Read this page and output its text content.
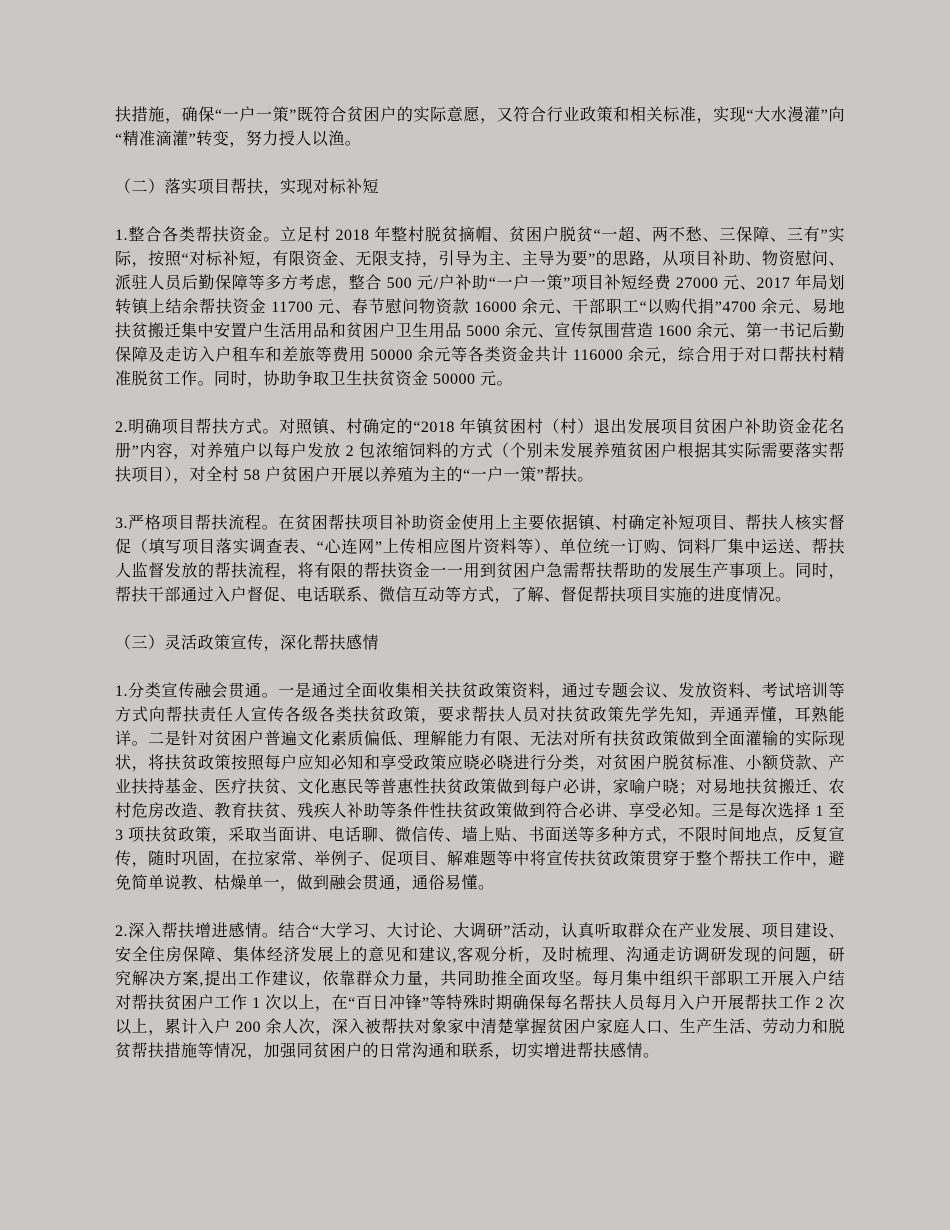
扶措施，确保“一户一策”既符合贫困户的实际意愿，又符合行业政策和相关标准，实现“大水漫灌”向“精准滴灌”转变，努力授人以渔。

（二）落实项目帮扶，实现对标补短

1.整合各类帮扶资金。立足村 2018 年整村脱贫摘帽、贫困户脱贫“一超、两不愁、三保障、三有”实际，按照“对标补短，有限资金、无限支持，引导为主、主导为要”的思路，从项目补助、物资慰问、派驻人员后勤保障等多方考虑，整合 500 元/户补助“一户一策”项目补短经费 27000 元、2017 年局划转镇上结余帮扶资金 11700 元、春节慰问物资款 16000 余元、干部职工“以购代捐”4700 余元、易地扶贫搬迁集中安置户生活用品和贫困户卫生用品 5000 余元、宣传氛围营造 1600 余元、第一书记后勤保障及走访入户租车和差旅等费用 50000 余元等各类资金共计 116000 余元，综合用于对口帮扶村精准脱贫工作。同时，协助争取卫生扶贫资金 50000 元。

2.明确项目帮扶方式。对照镇、村确定的“2018 年镇贫困村（村）退出发展项目贫困户补助资金花名册”内容，对养殖户以每户发放 2 包浓缩饲料的方式（个别未发展养殖贫困户根据其实际需要落实帮扶项目），对全村 58 户贫困户开展以养殖为主的“一户一策”帮扶。

3.严格项目帮扶流程。在贫困帮扶项目补助资金使用上主要依据镇、村确定补短项目、帮扶人核实督促（填写项目落实调查表、“心连网”上传相应图片资料等）、单位统一订购、饲料厂集中运送、帮扶人监督发放的帮扶流程，将有限的帮扶资金一一用到贫困户急需帮扶帮助的发展生产事项上。同时，帮扶干部通过入户督促、电话联系、微信互动等方式，了解、督促帮扶项目实施的进度情况。

（三）灵活政策宣传，深化帮扶感情

1.分类宣传融会贯通。一是通过全面收集相关扶贫政策资料，通过专题会议、发放资料、考试培训等方式向帮扶责任人宣传各级各类扶贫政策，要求帮扶人员对扶贫政策先学先知，弄通弄懂，耳熟能详。二是针对贫困户普遍文化素质偏低、理解能力有限、无法对所有扶贫政策做到全面灌输的实际现状，将扶贫政策按照每户应知必知和享受政策应晓必晓进行分类，对贫困户脱贫标准、小额贷款、产业扶持基金、医疗扶贫、文化惠民等普惠性扶贫政策做到每户必讲，家喻户晓；对易地扶贫搬迁、农村危房改造、教育扶贫、残疾人补助等条件性扶贫政策做到符合必讲、享受必知。三是每次选择 1 至 3 项扶贫政策，采取当面讲、电话聊、微信传、墙上贴、书面送等多种方式，不限时间地点，反复宣传，随时巩固，在拉家常、举例子、促项目、解难题等中将宣传扶贫政策贯穿于整个帮扶工作中，避免简单说教、枯燥单一，做到融会贯通，通俗易懂。

2.深入帮扶增进感情。结合“大学习、大讨论、大调研”活动，认真听取群众在产业发展、项目建设、安全住房保障、集体经济发展上的意见和建议,客观分析，及时梳理、沟通走访调研发现的问题，研究解决方案,提出工作建议，依靠群众力量，共同助推全面攻坚。每月集中组织干部职工开展入户结对帮扶贫困户工作 1 次以上，在“百日冲锋”等特殊时期确保每名帮扶人员每月入户开展帮扶工作 2 次以上，累计入户 200 余人次，深入被帮扶对象家中清楚掌握贫困户家庭人口、生产生活、劳动力和脱贫帮扶措施等情况，加强同贫困户的日常沟通和联系，切实增进帮扶感情。
